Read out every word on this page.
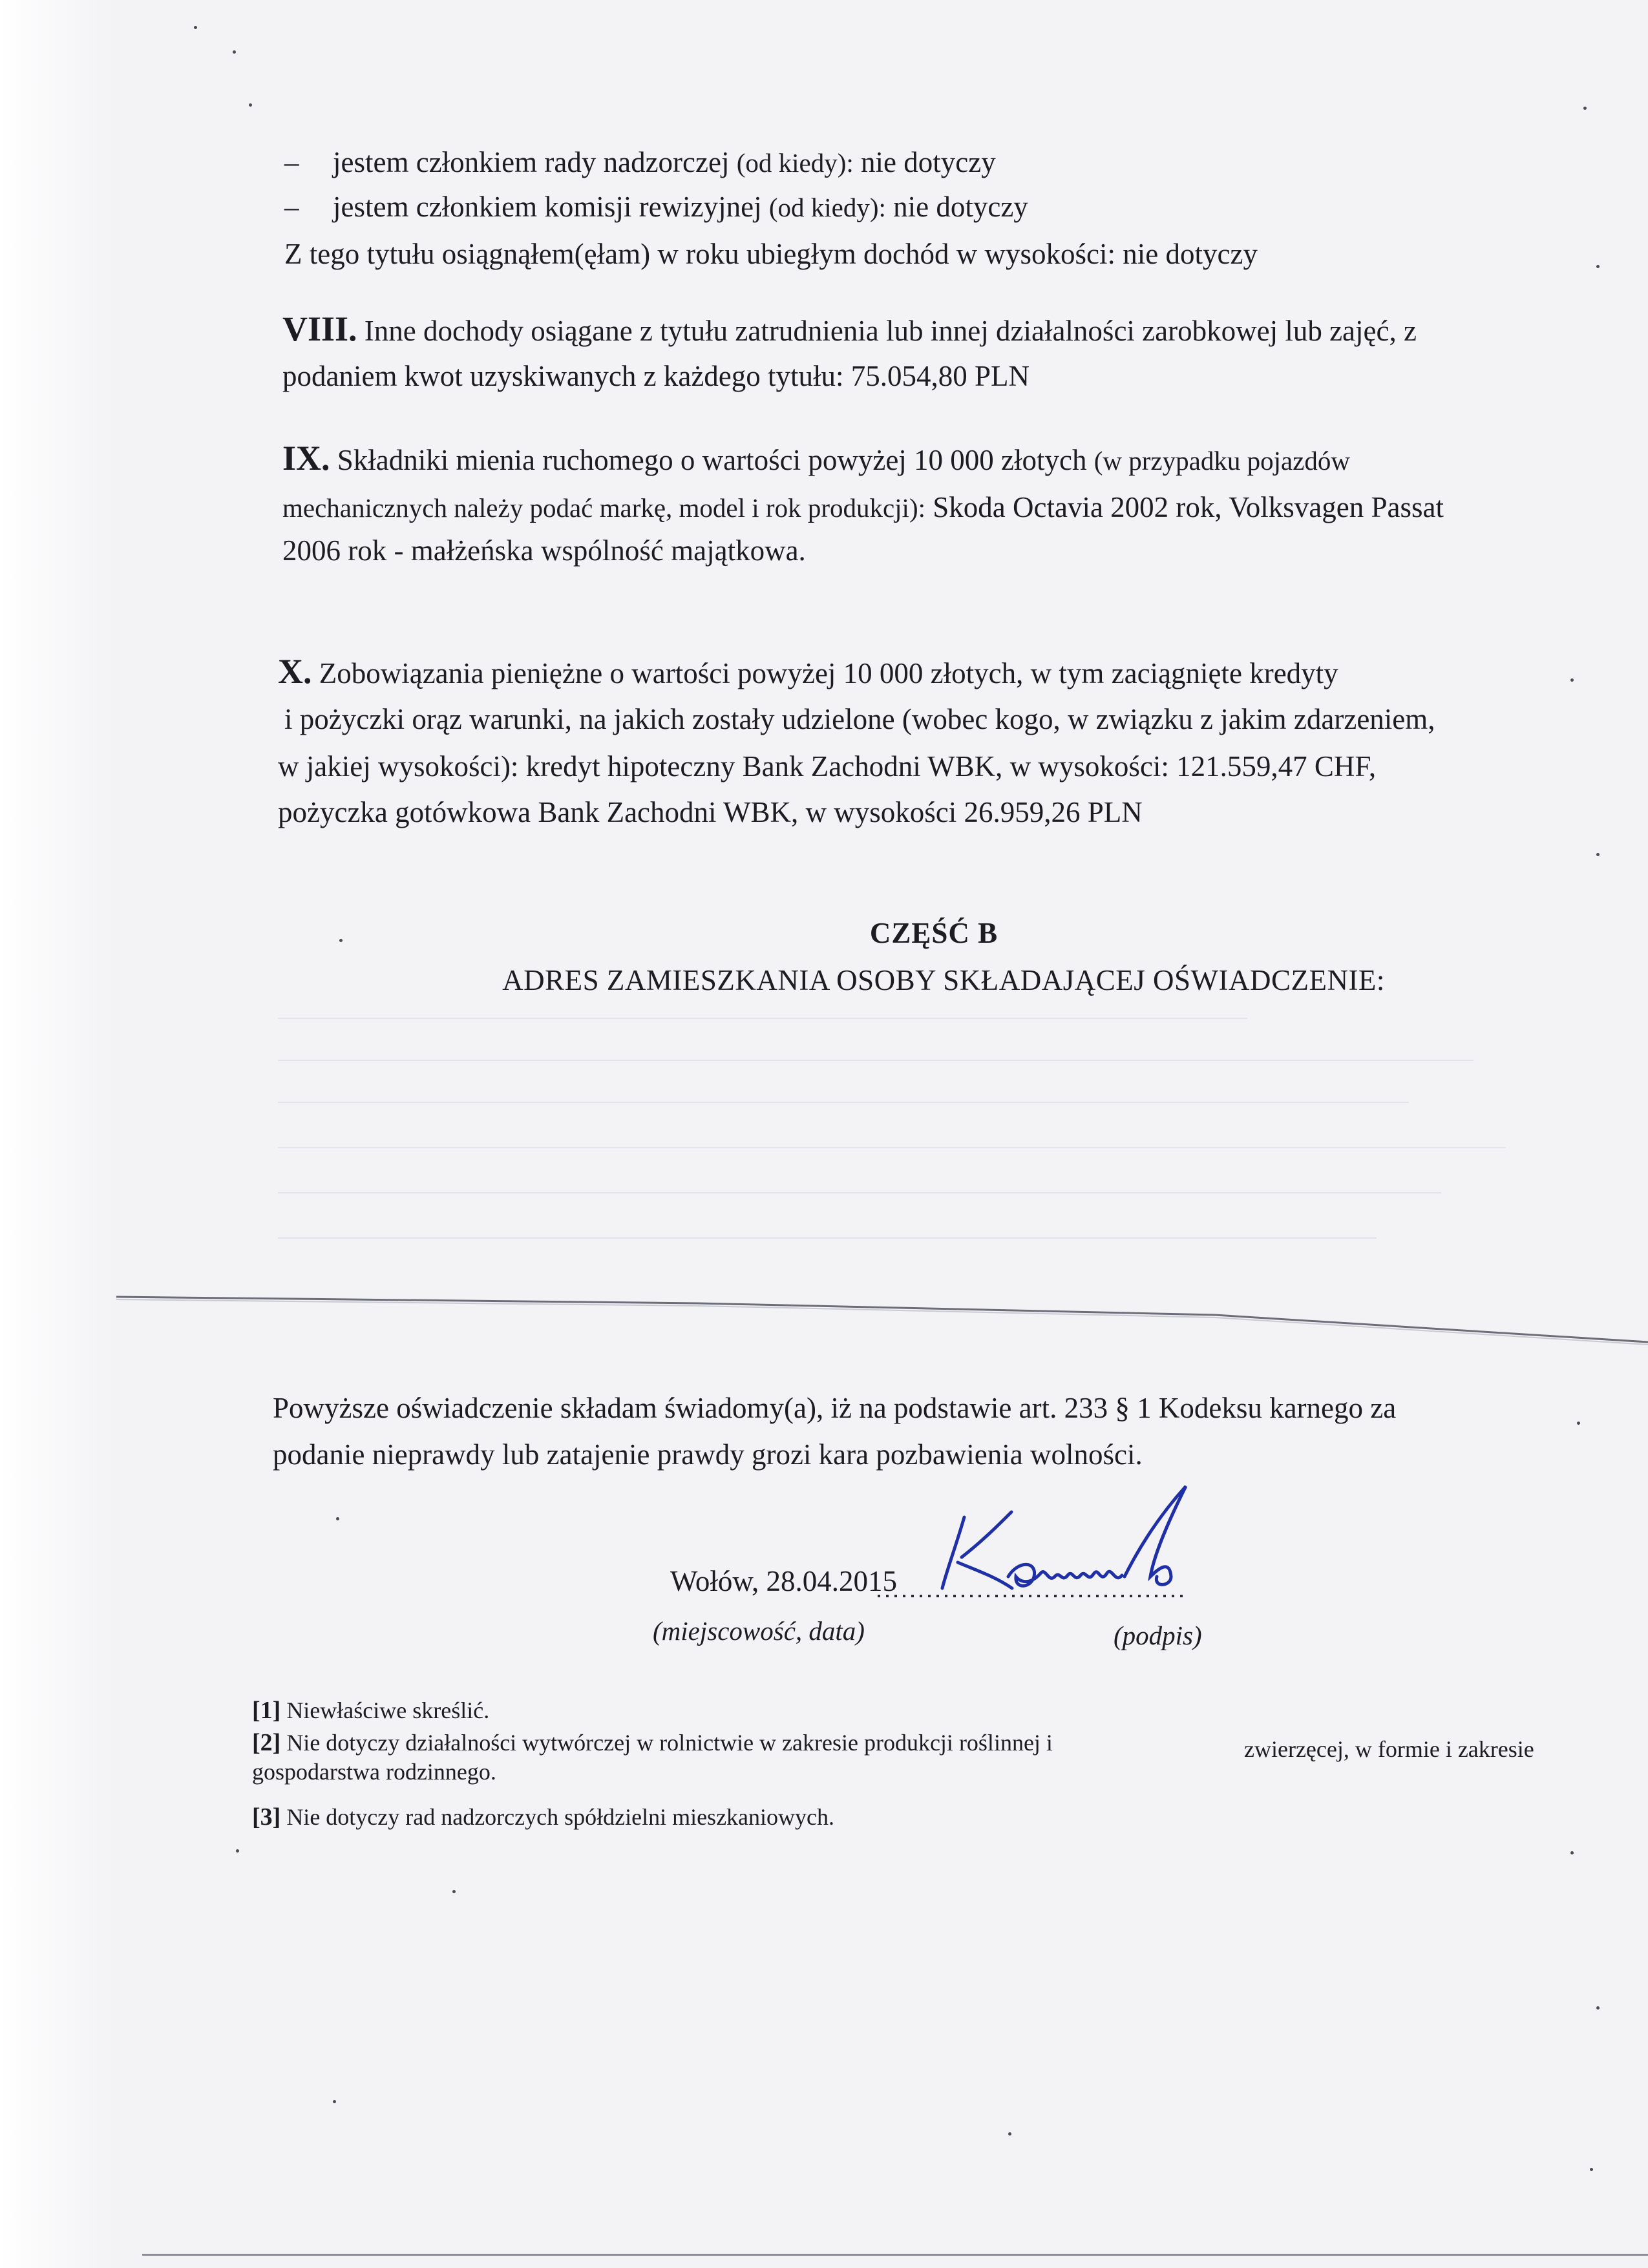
– jestem członkiem rady nadzorczej (od kiedy): nie dotyczy
– jestem członkiem komisji rewizyjnej (od kiedy): nie dotyczy
Z tego tytułu osiągnąłem(ęłam) w roku ubiegłym dochód w wysokości: nie dotyczy
VIII. Inne dochody osiągane z tytułu zatrudnienia lub innej działalności zarobkowej lub zajęć, z
podaniem kwot uzyskiwanych z każdego tytułu: 75.054,80 PLN
IX. Składniki mienia ruchomego o wartości powyżej 10 000 złotych (w przypadku pojazdów
mechanicznych należy podać markę, model i rok produkcji): Skoda Octavia 2002 rok, Volksvagen Passat
2006 rok - małżeńska wspólność majątkowa.
X. Zobowiązania pieniężne o wartości powyżej 10 000 złotych, w tym zaciągnięte kredyty
i pożyczki orąz warunki, na jakich zostały udzielone (wobec kogo, w związku z jakim zdarzeniem,
w jakiej wysokości): kredyt hipoteczny Bank Zachodni WBK, w wysokości: 121.559,47 CHF,
pożyczka gotówkowa Bank Zachodni WBK, w wysokości 26.959,26 PLN
CZĘŚĆ B
ADRES ZAMIESZKANIA OSOBY SKŁADAJĄCEJ OŚWIADCZENIE:
Powyższe oświadczenie składam świadomy(a), iż na podstawie art. 233 § 1 Kodeksu karnego za
podanie nieprawdy lub zatajenie prawdy grozi kara pozbawienia wolności.
Wołów, 28.04.2015
(miejscowość, data)	(podpis)
[1] Niewłaściwe skreślić.
[2] Nie dotyczy działalności wytwórczej w rolnictwie w zakresie produkcji roślinnej i	zwierzęcej, w formie i zakresie
gospodarstwa rodzinnego.
[3] Nie dotyczy rad nadzorczych spółdzielni mieszkaniowych.
